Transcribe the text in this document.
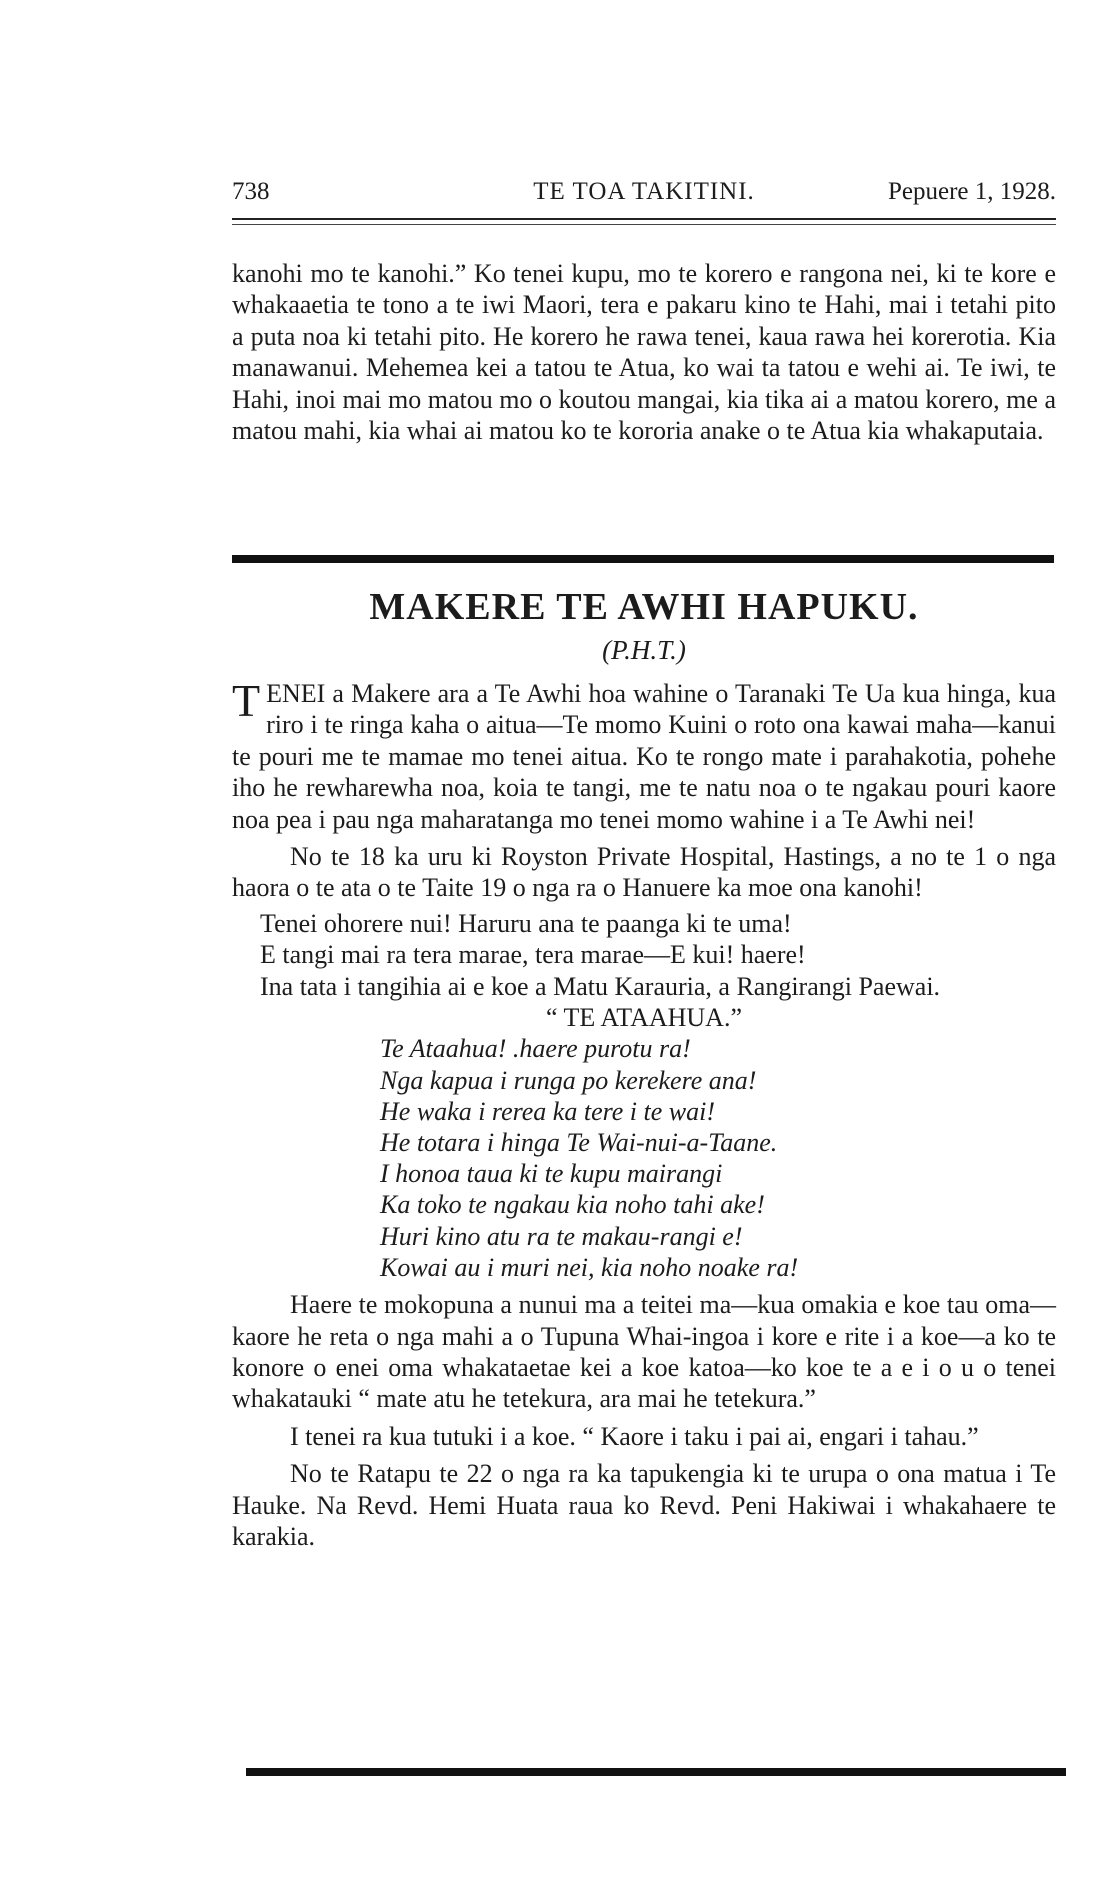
738	TE TOA TAKITINI.	Pepuere 1, 1928.

kanohi mo te kanohi.” Ko tenei kupu, mo te korero e rangona nei, ki te kore e whakaaetia te tono a te iwi Maori, tera e pakaru kino te Hahi, mai i tetahi pito a puta noa ki tetahi pito. He korero he rawa tenei, kaua rawa hei korerotia. Kia manawanui. Mehemea kei a tatou te Atua, ko wai ta tatou e wehi ai. Te iwi, te Hahi, inoi mai mo matou mo o koutou mangai, kia tika ai a matou korero, me a matou mahi, kia whai ai matou ko te kororia anake o te Atua kia whakaputaia.

MAKERE TE AWHI HAPUKU.
(P.H.T.)

TENEI a Makere ara a Te Awhi hoa wahine o Taranaki Te Ua kua hinga, kua riro i te ringa kaha o aitua—Te momo Kuini o roto ona kawai maha—kanui te pouri me te mamae mo tenei aitua. Ko te rongo mate i parahakotia, pohehe iho he rewharewha noa, koia te tangi, me te natu noa o te ngakau pouri kaore noa pea i pau nga maharatanga mo tenei momo wahine i a Te Awhi nei!

No te 18 ka uru ki Royston Private Hospital, Hastings, a no te 1 o nga haora o te ata o te Taite 19 o nga ra o Hanuere ka moe ona kanohi!

Tenei ohorere nui! Haruru ana te paanga ki te uma!

E tangi mai ra tera marae, tera marae—E kui! haere!

Ina tata i tangihia ai e koe a Matu Karauria, a Rangirangi Paewai.

“ TE ATAAHUA.”

Te Ataahua! .haere purotu ra!
Nga kapua i runga po kerekere ana!
He waka i rerea ka tere i te wai!
He totara i hinga Te Wai-nui-a-Taane.
I honoa taua ki te kupu mairangi
Ka toko te ngakau kia noho tahi ake!
Huri kino atu ra te makau-rangi e!
Kowai au i muri nei, kia noho noake ra!

Haere te mokopuna a nunui ma a teitei ma—kua omakia e koe tau oma—kaore he reta o nga mahi a o Tupuna Whai-ingoa i kore e rite i a koe—a ko te konore o enei oma whakataetae kei a koe katoa—ko koe te a e i o u o tenei whakatauki “ mate atu he tetekura, ara mai he tetekura.”

I tenei ra kua tutuki i a koe. “ Kaore i taku i pai ai, engari i tahau.”

No te Ratapu te 22 o nga ra ka tapukengia ki te urupa o ona matua i Te Hauke. Na Revd. Hemi Huata raua ko Revd. Peni Hakiwai i whakahaere te karakia.
